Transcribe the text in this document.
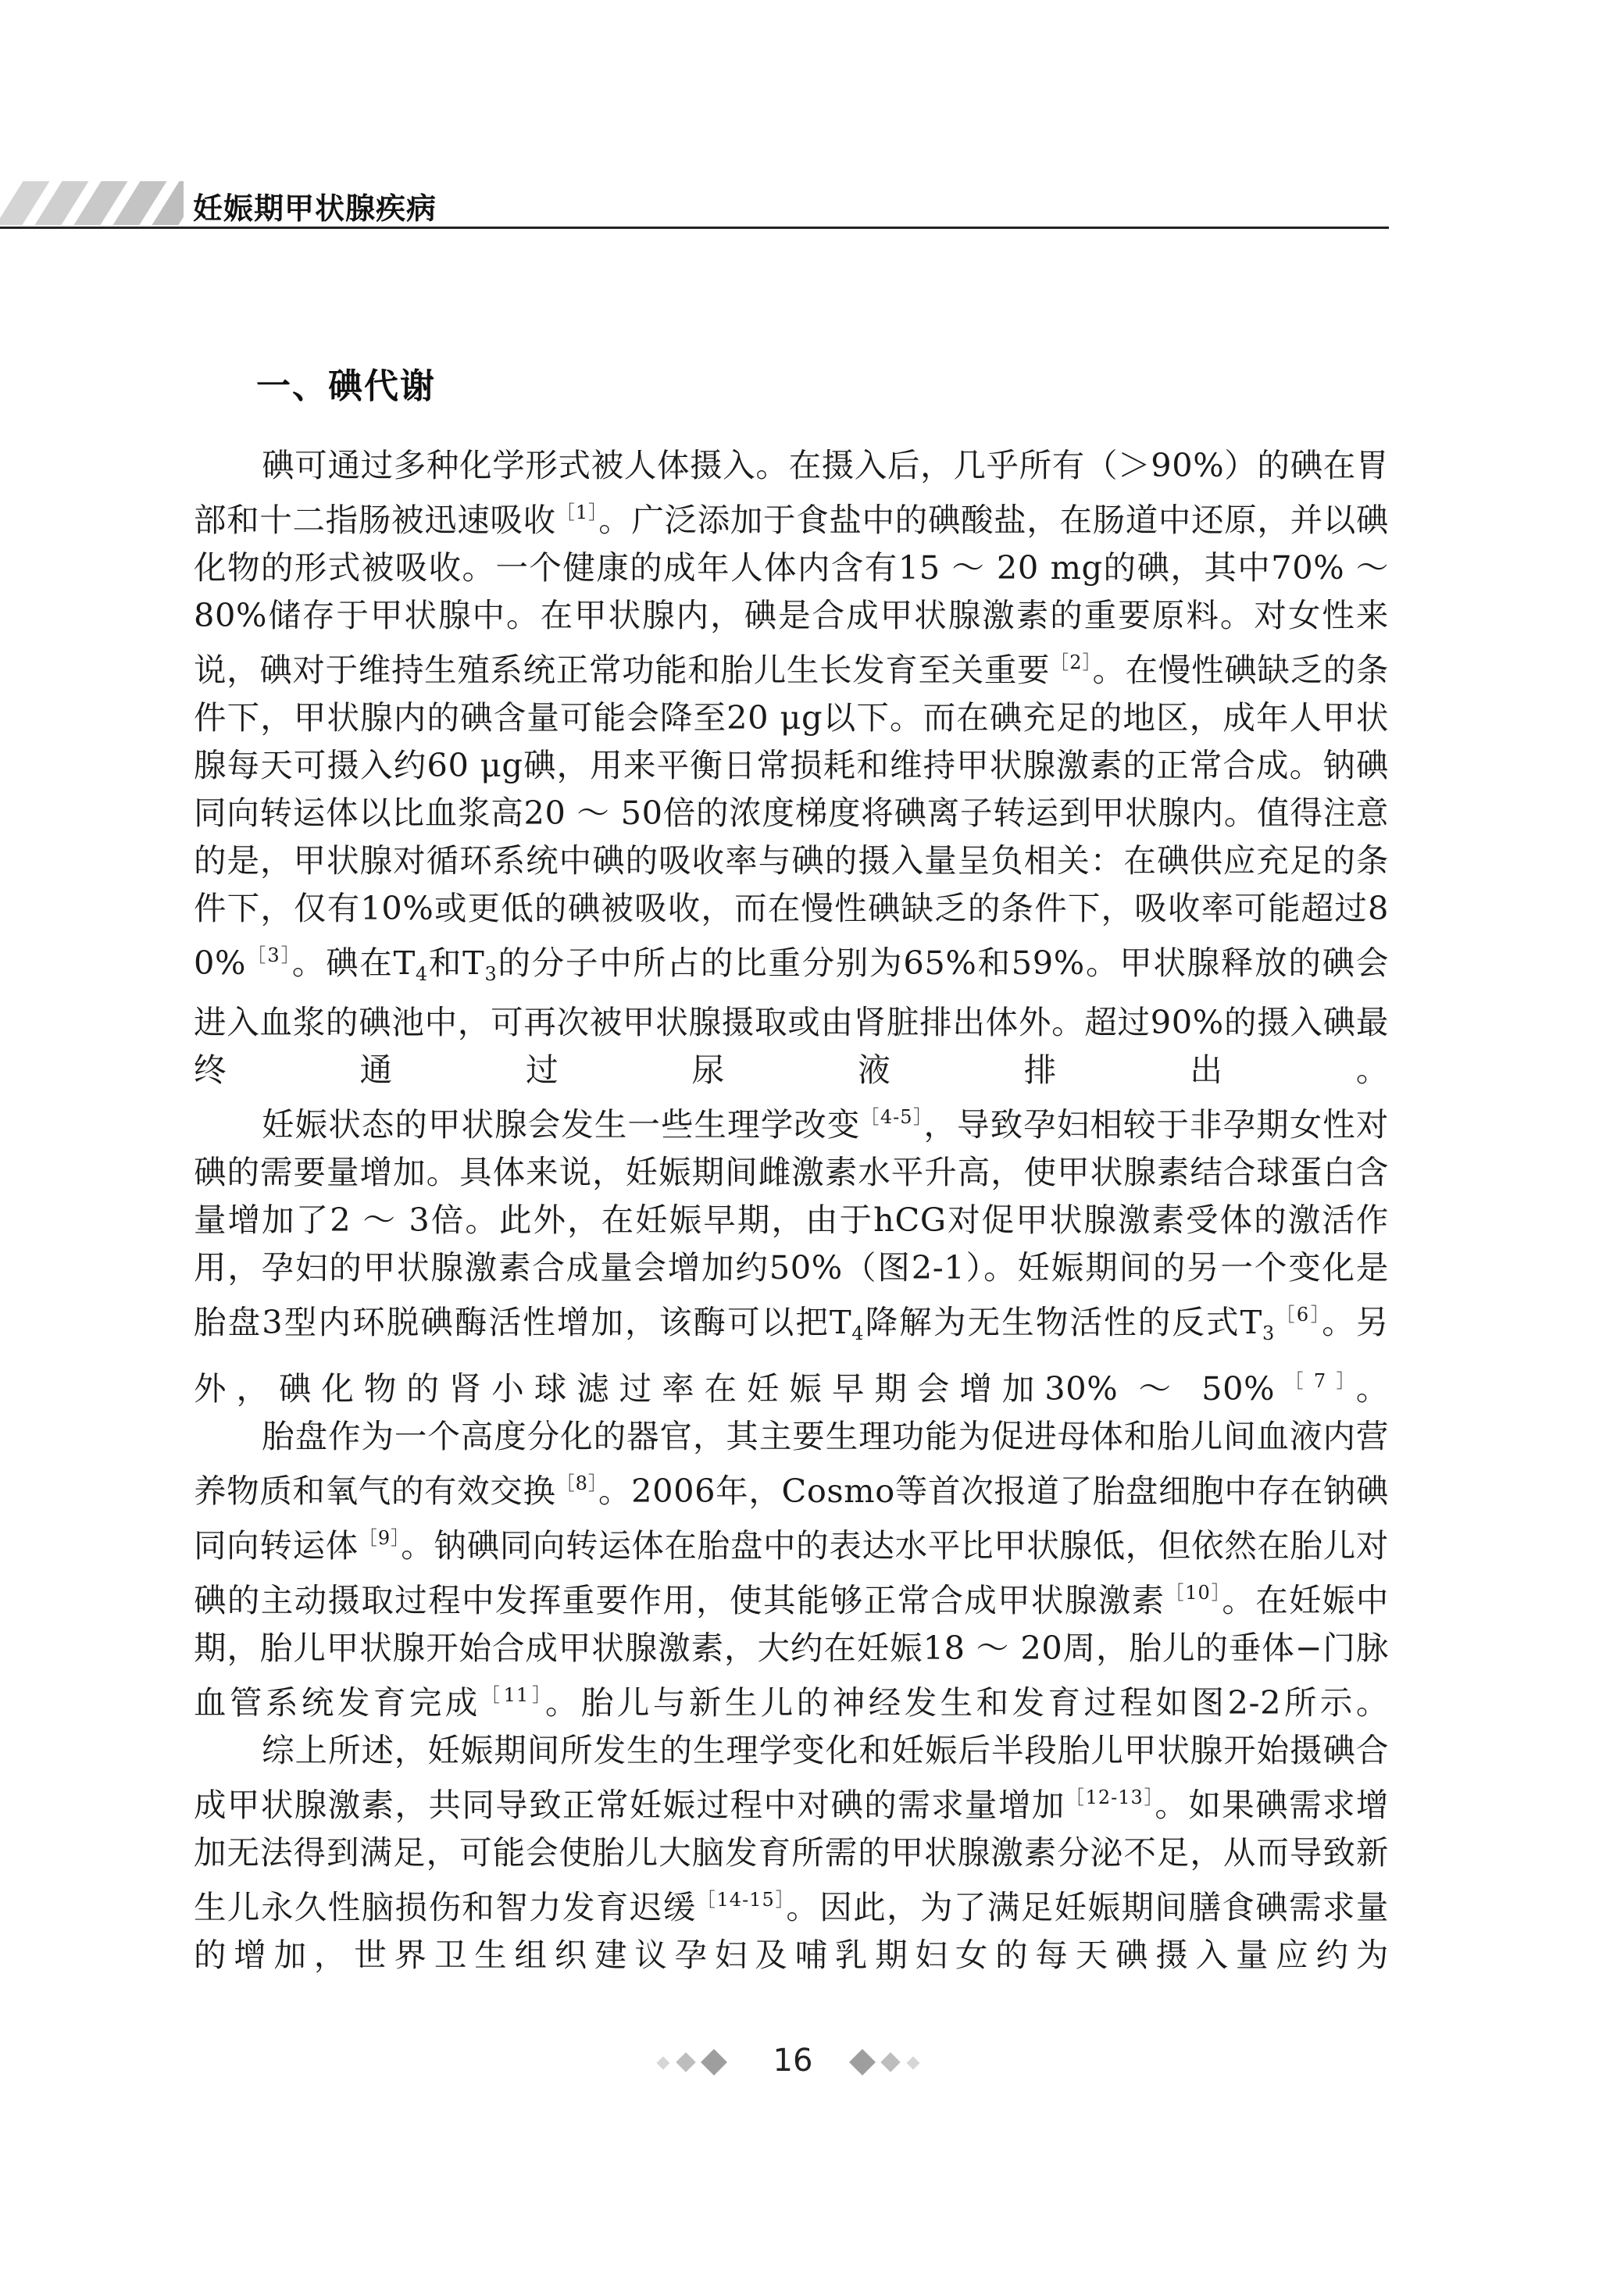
妊娠期甲状腺疾病
一、碘代谢

碘可通过多种化学形式被人体摄入。在摄入后，几乎所有（＞90%）的碘在胃部和十二指肠被迅速吸收$^{[1]}$。广泛添加于食盐中的碘酸盐，在肠道中还原，并以碘化物的形式被吸收。一个健康的成年人体内含有15 ～ 20 mg的碘，其中70% ～ 80%储存于甲状腺中。在甲状腺内，碘是合成甲状腺激素的重要原料。对女性来说，碘对于维持生殖系统正常功能和胎儿生长发育至关重要$^{[2]}$。在慢性碘缺乏的条件下，甲状腺内的碘含量可能会降至20 μg以下。而在碘充足的地区，成年人甲状腺每天可摄入约60 μg碘，用来平衡日常损耗和维持甲状腺激素的正常合成。钠碘同向转运体以比血浆高20 ～ 50倍的浓度梯度将碘离子转运到甲状腺内。值得注意的是，甲状腺对循环系统中碘的吸收率与碘的摄入量呈负相关：在碘供应充足的条件下，仅有10%或更低的碘被吸收，而在慢性碘缺乏的条件下，吸收率可能超过80%$^{[3]}$。碘在$T_4$和$T_3$的分子中所占的比重分别为65%和59%。甲状腺释放的碘会进入血浆的碘池中，可再次被甲状腺摄取或由肾脏排出体外。超过90%的摄入碘最终通过尿液排出。

妊娠状态的甲状腺会发生一些生理学改变$^{[4-5]}$，导致孕妇相较于非孕期女性对碘的需要量增加。具体来说，妊娠期间雌激素水平升高，使甲状腺素结合球蛋白含量增加了2 ～ 3倍。此外，在妊娠早期，由于hCG对促甲状腺激素受体的激活作用，孕妇的甲状腺激素合成量会增加约50%（图2-1）。妊娠期间的另一个变化是胎盘3型内环脱碘酶活性增加，该酶可以把$T_4$降解为无生物活性的反式$T_3^{[6]}$。另外，碘化物的肾小球滤过率在妊娠早期会增加30% ～ 50%$^{[7]}$。

胎盘作为一个高度分化的器官，其主要生理功能为促进母体和胎儿间血液内营养物质和氧气的有效交换$^{[8]}$。2006年，Cosmo等首次报道了胎盘细胞中存在钠碘同向转运体$^{[9]}$。钠碘同向转运体在胎盘中的表达水平比甲状腺低，但依然在胎儿对碘的主动摄取过程中发挥重要作用，使其能够正常合成甲状腺激素$^{[10]}$。在妊娠中期，胎儿甲状腺开始合成甲状腺激素，大约在妊娠18 ～ 20周，胎儿的垂体−门脉血管系统发育完成$^{[11]}$。胎儿与新生儿的神经发生和发育过程如图2-2所示。

综上所述，妊娠期间所发生的生理学变化和妊娠后半段胎儿甲状腺开始摄碘合成甲状腺激素，共同导致正常妊娠过程中对碘的需求量增加$^{[12-13]}$。如果碘需求增加无法得到满足，可能会使胎儿大脑发育所需的甲状腺激素分泌不足，从而导致新生儿永久性脑损伤和智力发育迟缓$^{[14-15]}$。因此，为了满足妊娠期间膳食碘需求量的增加，世界卫生组织建议孕妇及哺乳期妇女的每天碘摄入量应约为

16
